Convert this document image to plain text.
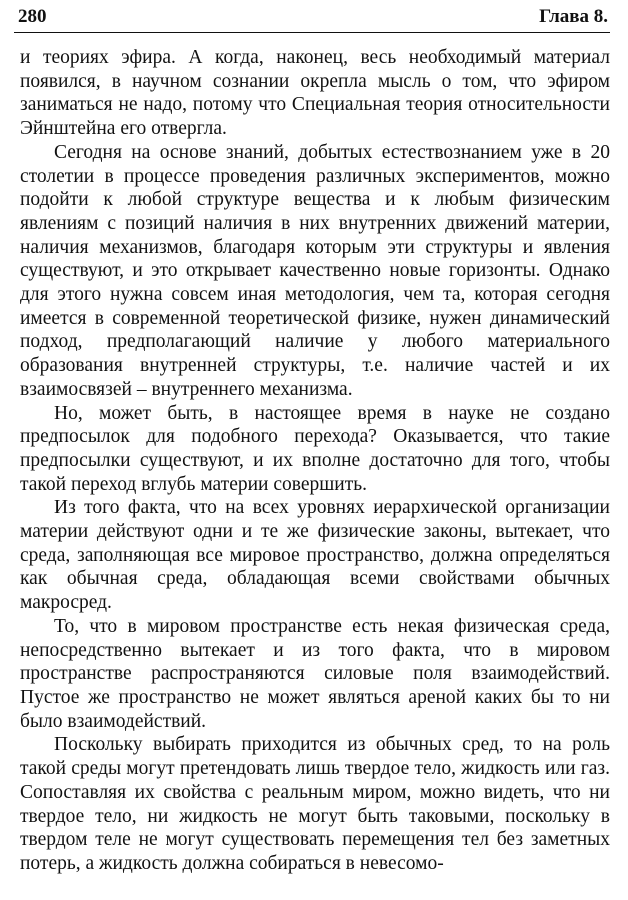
280	Глава 8.

и теориях эфира. А когда, наконец, весь необходимый материал появился, в научном сознании окрепла мысль о том, что эфиром заниматься не надо, потому что Специальная теория относительности Эйнштейна его отвергла.

Сегодня на основе знаний, добытых естествознанием уже в 20 столетии в процессе проведения различных экспериментов, можно подойти к любой структуре вещества и к любым физическим явлениям с позиций наличия в них внутренних движений материи, наличия механизмов, благодаря которым эти структуры и явления существуют, и это открывает качественно новые горизонты. Однако для этого нужна совсем иная методология, чем та, которая сегодня имеется в современной теоретической физике, нужен динамический подход, предполагающий наличие у любого материального образования внутренней структуры, т.е. наличие частей и их взаимосвязей – внутреннего механизма.

Но, может быть, в настоящее время в науке не создано предпосылок для подобного перехода? Оказывается, что такие предпосылки существуют, и их вполне достаточно для того, чтобы такой переход вглубь материи совершить.

Из того факта, что на всех уровнях иерархической организации материи действуют одни и те же физические законы, вытекает, что среда, заполняющая все мировое пространство, должна определяться как обычная среда, обладающая всеми свойствами обычных макросред.

То, что в мировом пространстве есть некая физическая среда, непосредственно вытекает и из того факта, что в мировом пространстве распространяются силовые поля взаимодействий. Пустое же пространство не может являться ареной каких бы то ни было взаимодействий.

Поскольку выбирать приходится из обычных сред, то на роль такой среды могут претендовать лишь твердое тело, жидкость или газ. Сопоставляя их свойства с реальным миром, можно видеть, что ни твердое тело, ни жидкость не могут быть таковыми, поскольку в твердом теле не могут существовать перемещения тел без заметных потерь, а жидкость должна собираться в невесомо-
